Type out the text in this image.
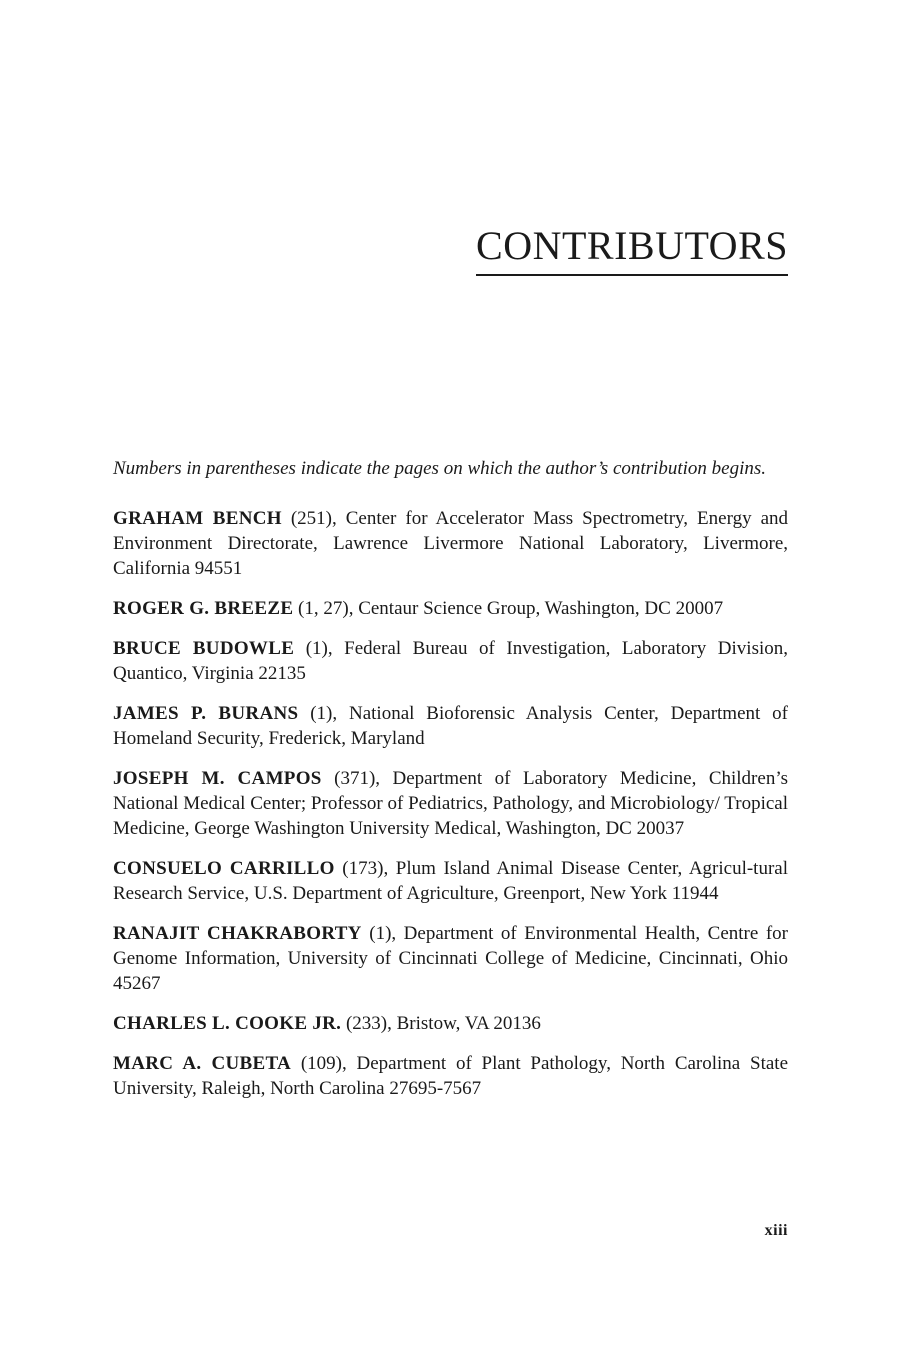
CONTRIBUTORS

Numbers in parentheses indicate the pages on which the author’s contribution begins.

GRAHAM BENCH (251), Center for Accelerator Mass Spectrometry, Energy and Environment Directorate, Lawrence Livermore National Laboratory, Livermore, California 94551

ROGER G. BREEZE (1, 27), Centaur Science Group, Washington, DC 20007

BRUCE BUDOWLE (1), Federal Bureau of Investigation, Laboratory Division, Quantico, Virginia 22135

JAMES P. BURANS (1), National Bioforensic Analysis Center, Department of Homeland Security, Frederick, Maryland

JOSEPH M. CAMPOS (371), Department of Laboratory Medicine, Children’s National Medical Center; Professor of Pediatrics, Pathology, and Microbiology/ Tropical Medicine, George Washington University Medical, Washington, DC 20037

CONSUELO CARRILLO (173), Plum Island Animal Disease Center, Agricul-tural Research Service, U.S. Department of Agriculture, Greenport, New York 11944

RANAJIT CHAKRABORTY (1), Department of Environmental Health, Centre for Genome Information, University of Cincinnati College of Medicine, Cincinnati, Ohio 45267

CHARLES L. COOKE JR. (233), Bristow, VA 20136

MARC A. CUBETA (109), Department of Plant Pathology, North Carolina State University, Raleigh, North Carolina 27695-7567

xiii
